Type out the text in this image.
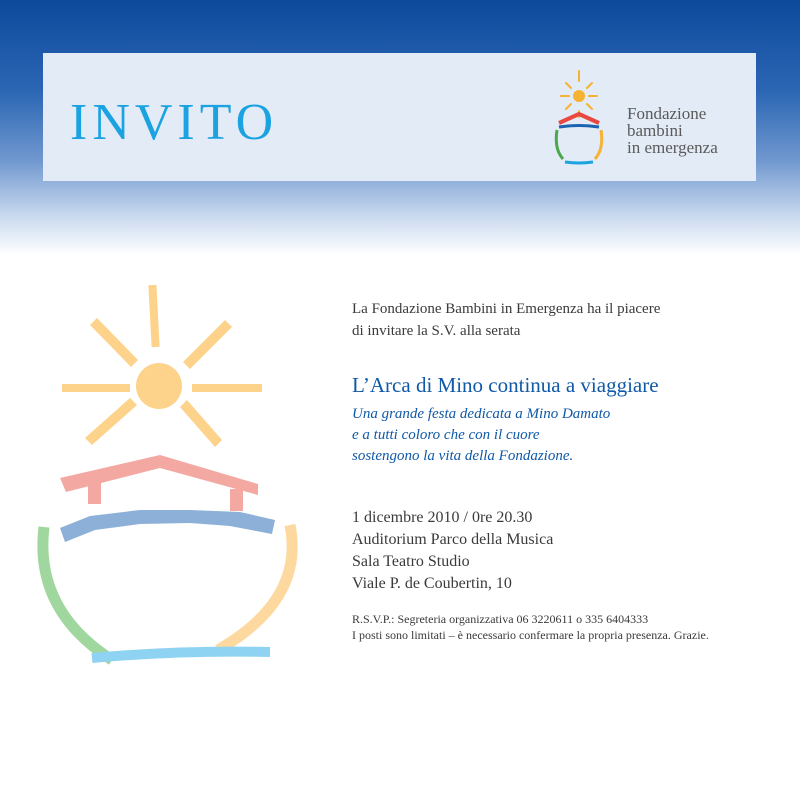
INVITO	Fondazione
bambini
in emergenza
La Fondazione Bambini in Emergenza ha il piacere
di invitare la S.V. alla serata
L’Arca di Mino continua a viaggiare
Una grande festa dedicata a Mino Damato
e a tutti coloro che con il cuore
sostengono la vita della Fondazione.
1 dicembre 2010 / 0re 20.30
Auditorium Parco della Musica
Sala Teatro Studio
Viale P. de Coubertin, 10
R.S.V.P.: Segreteria organizzativa 06 3220611 o 335 6404333
I posti sono limitati – è necessario confermare la propria presenza. Grazie.
